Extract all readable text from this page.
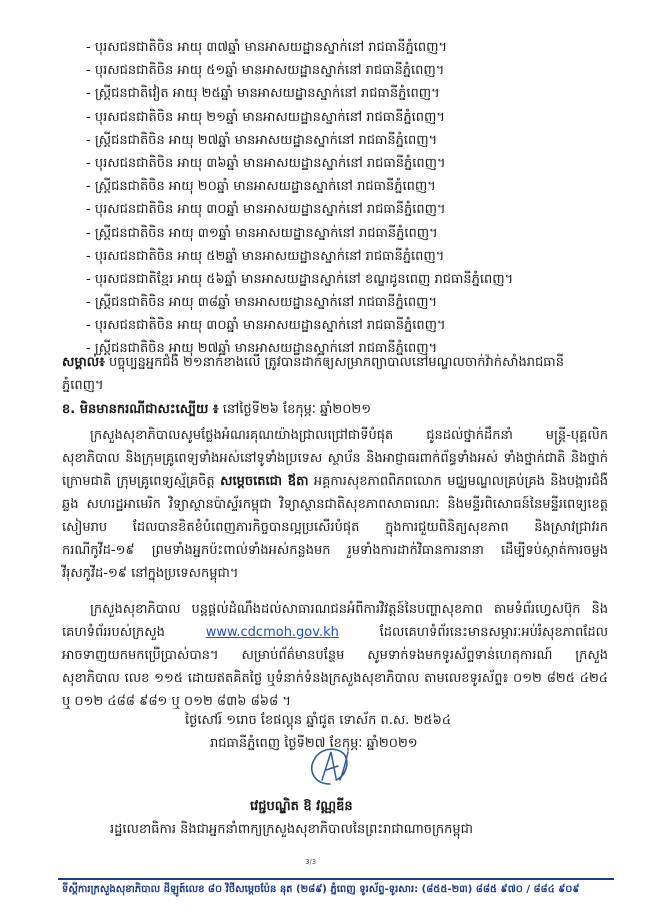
- បុរសជនជាតិចិន អាយុ ៣៧ឆ្នាំ មានអាសយដ្ឋានស្នាក់នៅ រាជធានីភ្នំពេញ។
- បុរសជនជាតិចិន អាយុ ៥១ឆ្នាំ មានអាសយដ្ឋានស្នាក់នៅ រាជធានីភ្នំពេញ។
- ស្ត្រីជនជាតិវៀត អាយុ ២៥ឆ្នាំ មានអាសយដ្ឋានស្នាក់នៅ រាជធានីភ្នំពេញ។
- បុរសជនជាតិចិន អាយុ ២១ឆ្នាំ មានអាសយដ្ឋានស្នាក់នៅ រាជធានីភ្នំពេញ។
- ស្ត្រីជនជាតិចិន អាយុ ២៧ឆ្នាំ មានអាសយដ្ឋានស្នាក់នៅ រាជធានីភ្នំពេញ។
- បុរសជនជាតិចិន អាយុ ៣៦ឆ្នាំ មានអាសយដ្ឋានស្នាក់នៅ រាជធានីភ្នំពេញ។
- ស្ត្រីជនជាតិចិន អាយុ ២០ឆ្នាំ មានអាសយដ្ឋានស្នាក់នៅ រាជធានីភ្នំពេញ។
- បុរសជនជាតិចិន អាយុ ៣០ឆ្នាំ មានអាសយដ្ឋានស្នាក់នៅ រាជធានីភ្នំពេញ។
- ស្ត្រីជនជាតិចិន អាយុ ៣១ឆ្នាំ មានអាសយដ្ឋានស្នាក់នៅ រាជធានីភ្នំពេញ។
- បុរសជនជាតិចិន អាយុ ៥២ឆ្នាំ មានអាសយដ្ឋានស្នាក់នៅ រាជធានីភ្នំពេញ។
- បុរសជនជាតិខ្មែរ អាយុ ៥៦ឆ្នាំ មានអាសយដ្ឋានស្នាក់នៅ ខណ្ឌដូនពេញ រាជធានីភ្នំពេញ។
- ស្ត្រីជនជាតិចិន អាយុ ៣៨ឆ្នាំ មានអាសយដ្ឋានស្នាក់នៅ រាជធានីភ្នំពេញ។
- បុរសជនជាតិចិន អាយុ ៣០ឆ្នាំ មានអាសយដ្ឋានស្នាក់នៅ រាជធានីភ្នំពេញ។
- ស្ត្រីជនជាតិចិន អាយុ ២៧ឆ្នាំ មានអាសយដ្ឋានស្នាក់នៅ រាជធានីភ្នំពេញ។
សម្គាល់៖ បច្ចុប្បន្នអ្នកជំងឺ ២១នាក់ខាងលើ ត្រូវបានដាក់ឲ្យសម្រាកព្យាបាលនៅមណ្ឌលចាក់វ៉ាក់សាំងរាជធានីភ្នំពេញ។
ខ. មិនមានករណីជាសះស្បើយ ៖ នៅថ្ងៃទី២៦ ខែកុម្ភៈ ឆ្នាំ២០២១
ក្រសួងសុខាភិបាលសូមថ្លែងអំណរគុណយ៉ាងជ្រាលជ្រៅជាទីបំផុត ជូនដល់ថ្នាក់ដឹកនាំ មន្ត្រី-បុគ្គលិកសុខាភិបាល និងក្រុមគ្រូពេទ្យទាំងអស់នៅទូទាំងប្រទេស ស្ថាប័ន និងអាជ្ញាធរពាក់ព័ន្ធទាំងអស់ ទាំងថ្នាក់ជាតិ និងថ្នាក់ក្រោមជាតិ ក្រុមគ្រូពេទ្យស្ម័គ្រចិត្ត សម្តេចតេជោ ឪតា អគ្គការសុខភាពពិភពលោក មជ្ឈមណ្ឌលគ្រប់គ្រង និងបង្ការជំងឺឆ្លង សហរដ្ឋអាមេរិក វិទ្យាស្ថានប៉ាស្ទ័រកម្ពុជា វិទ្យាស្ថានជាតិសុខភាពសាធារណៈ និងមន្ទីរពិសោធន៍នៃមន្ទីរពេទ្យខេត្តសៀមរាប ដែលបានខិតខំបំពេញភារកិច្ចបានល្អប្រសើរបំផុត ក្នុងការជួយពិនិត្យសុខភាព និងស្រាវជ្រាវរកករណីកូវីដ-១៩ ព្រមទាំងអ្នកប៉ះពាល់ទាំងអស់កន្លងមក រួមទាំងការដាក់វិធានការនានា ដើម្បីទប់ស្កាត់ការចម្លងវីរុសកូវីដ-១៩ នៅក្នុងប្រទេសកម្ពុជា។
ក្រសួងសុខាភិបាល បន្តផ្ដល់ដំណឹងដល់សាធារណជនអំពីការវិវត្តន៍នៃបញ្ហាសុខភាព តាមទំព័រហ្វេសប៊ុក និងគេហទំព័ររបស់ក្រសួង www.cdcmoh.gov.kh ដែលគេហទំព័រនេះមានសម្ភារៈអប់រំសុខភាពដែលអាចទាញយកមកប្រើប្រាស់បាន។ សម្រាប់ព័ត៌មានបន្ថែម សូមទាក់ទងមកទូរស័ព្ទទាន់ហេតុការណ៍ ក្រសួងសុខាភិបាល លេខ ១១៥ ដោយឥតគិតថ្លៃ ឬទំនាក់ទំនងក្រសួងសុខាភិបាល តាមលេខទូរស័ព្ទ៖ ០១២ ៨២៥ ៤២៤ ឬ ០១២ ៤៨៨ ៩៨១ ឬ ០១២ ៨៣៦ ៨៦៨ ។
ថ្ងៃសៅរ៍ ១រោច ខែផល្គុន ឆ្នាំជូត ទោស័ក ព.ស. ២៥៦៤
រាជធានីភ្នំពេញ ថ្ងៃទី២៧ ខែកុម្ភៈ ឆ្នាំ២០២១
វេជ្ជបណ្ឌិត ឱ វណ្ណឌីន
រដ្ឋលេខាធិការ និងជាអ្នកនាំពាក្យក្រសួងសុខាភិបាលនៃព្រះរាជាណាចក្រកម្ពុជា
3/3
ទីស្តីការក្រសួងសុខាភិបាល ដីឡូត៍លេខ ៨០ វិថីសម្តេចប៉ែន នុត (២៨៩) ភ្នំពេញ ទូរស័ព្ទ-ទូរសារ: (៨៥៥-២៣) ៨៨៥ ៩៧០ / ៨៨៤ ៩០៩
